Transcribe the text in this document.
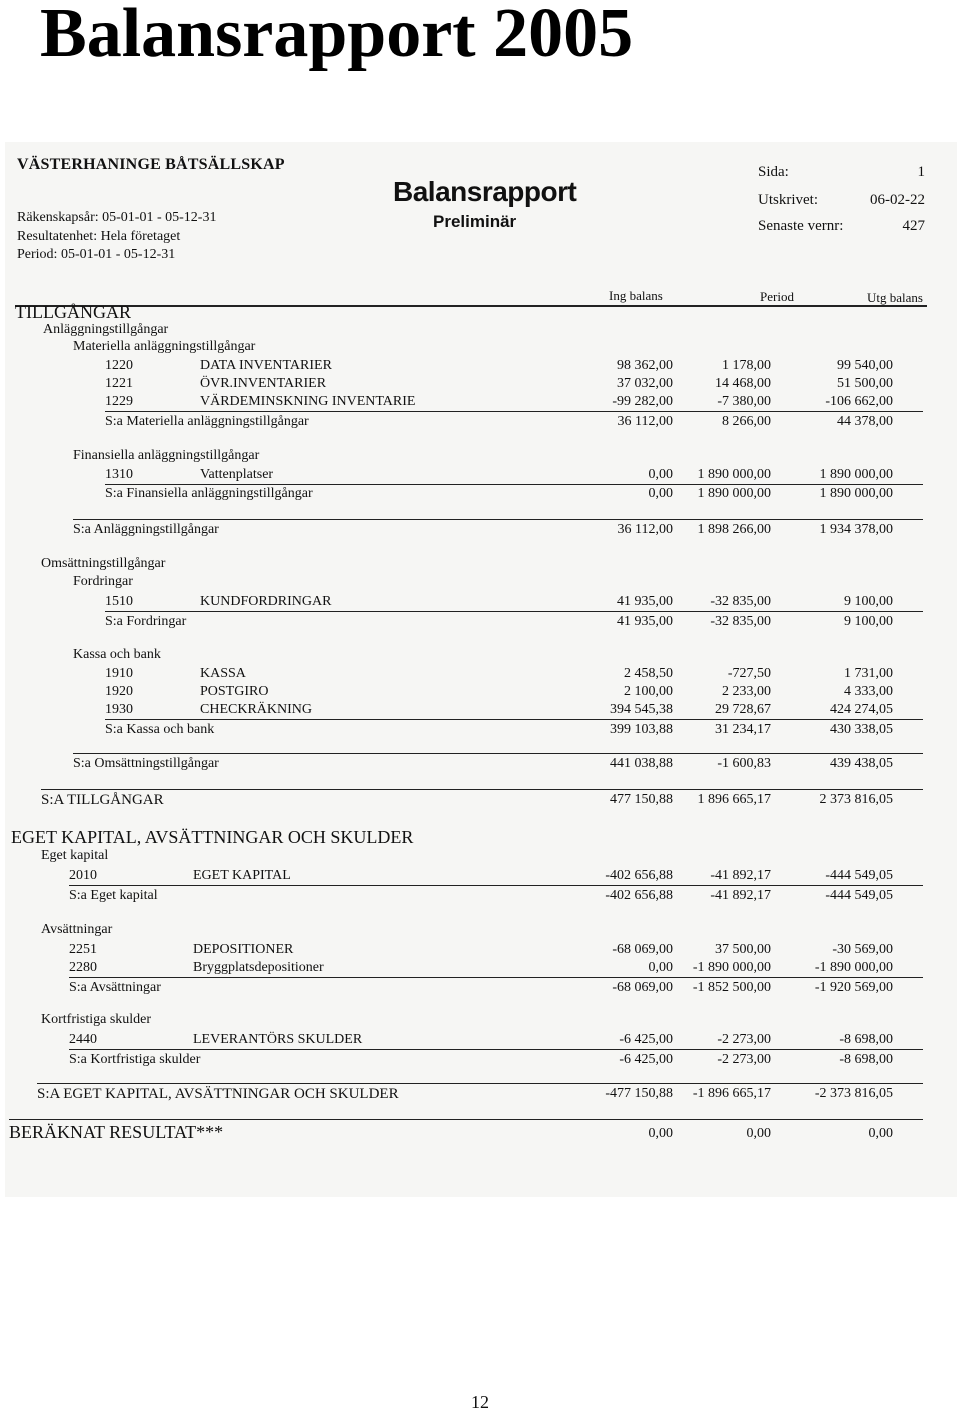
Balansrapport 2005
VÄSTERHANINGE BÅTSÄLLSKAP
Räkenskapsår: 05-01-01 - 05-12-31
Resultatenhet: Hela företaget
Period: 05-01-01 - 05-12-31
Balansrapport
Preliminär
Sida:	1
Utskrivet:	06-02-22
Senaste vernr:	427
Ing balans	Period	Utg balans
TILLGÅNGAR
Anläggningstillgångar
Materiella anläggningstillgångar
1220	DATA INVENTARIER	98 362,00	1 178,00	99 540,00
1221	ÖVR.INVENTARIER	37 032,00	14 468,00	51 500,00
1229	VÄRDEMINSKNING INVENTARIE	-99 282,00	-7 380,00	-106 662,00
S:a Materiella anläggningstillgångar	36 112,00	8 266,00	44 378,00
Finansiella anläggningstillgångar
1310	Vattenplatser	0,00	1 890 000,00	1 890 000,00
S:a Finansiella anläggningstillgångar	0,00	1 890 000,00	1 890 000,00
S:a Anläggningstillgångar	36 112,00	1 898 266,00	1 934 378,00
Omsättningstillgångar
Fordringar
1510	KUNDFORDRINGAR	41 935,00	-32 835,00	9 100,00
S:a Fordringar	41 935,00	-32 835,00	9 100,00
Kassa och bank
1910	KASSA	2 458,50	-727,50	1 731,00
1920	POSTGIRO	2 100,00	2 233,00	4 333,00
1930	CHECKRÄKNING	394 545,38	29 728,67	424 274,05
S:a Kassa och bank	399 103,88	31 234,17	430 338,05
S:a Omsättningstillgångar	441 038,88	-1 600,83	439 438,05
S:A TILLGÅNGAR	477 150,88	1 896 665,17	2 373 816,05
EGET KAPITAL, AVSÄTTNINGAR OCH SKULDER
Eget kapital
2010	EGET KAPITAL	-402 656,88	-41 892,17	-444 549,05
S:a Eget kapital	-402 656,88	-41 892,17	-444 549,05
Avsättningar
2251	DEPOSITIONER	-68 069,00	37 500,00	-30 569,00
2280	Bryggplatsdepositioner	0,00	-1 890 000,00	-1 890 000,00
S:a Avsättningar	-68 069,00	-1 852 500,00	-1 920 569,00
Kortfristiga skulder
2440	LEVERANTÖRS SKULDER	-6 425,00	-2 273,00	-8 698,00
S:a Kortfristiga skulder	-6 425,00	-2 273,00	-8 698,00
S:A EGET KAPITAL, AVSÄTTNINGAR OCH SKULDER	-477 150,88	-1 896 665,17	-2 373 816,05
BERÄKNAT RESULTAT***	0,00	0,00	0,00
12
